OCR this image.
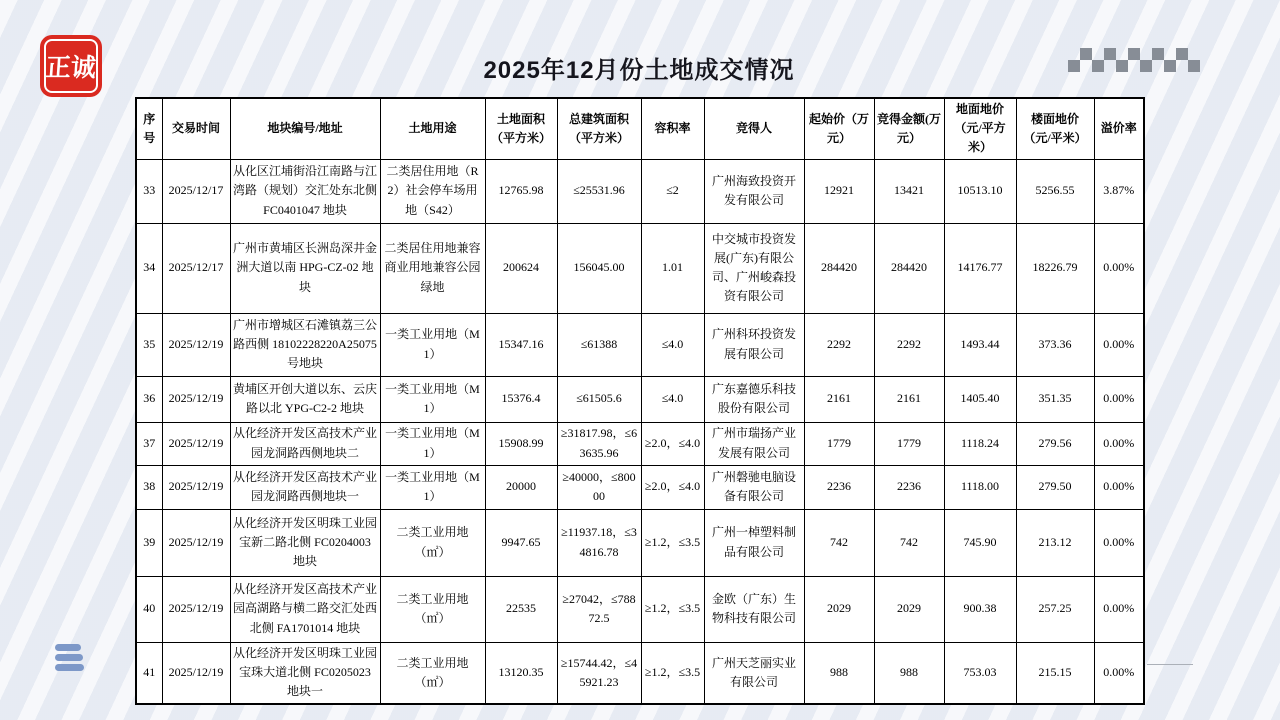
正诚	2025年12月份土地成交情况
序号	交易时间	地块编号/地址	土地用途	土地面积（平方米）	总建筑面积（平方米）	容积率	竞得人	起始价（万元）	竞得金额(万元）	地面地价（元/平方米）	楼面地价（元/平米）	溢价率
33	2025/12/17	从化区江埔街沿江南路与江湾路（规划）交汇处东北侧FC0401047 地块	二类居住用地（R2）社会停车场用地（S42）	12765.98	≤25531.96	≤2	广州海致投资开发有限公司	12921	13421	10513.10	5256.55	3.87%
34	2025/12/17	广州市黄埔区长洲岛深井金洲大道以南 HPG-CZ-02 地块	二类居住用地兼容商业用地兼容公园绿地	200624	156045.00	1.01	中交城市投资发展(广东)有限公司、广州峻森投资有限公司	284420	284420	14176.77	18226.79	0.00%
35	2025/12/19	广州市增城区石滩镇荔三公路西侧 18102228220A25075 号地块	一类工业用地（M1）	15347.16	≤61388	≤4.0	广州科环投资发展有限公司	2292	2292	1493.44	373.36	0.00%
36	2025/12/19	黄埔区开创大道以东、云庆路以北 YPG-C2-2 地块	一类工业用地（M1）	15376.4	≤61505.6	≤4.0	广东嘉德乐科技股份有限公司	2161	2161	1405.40	351.35	0.00%
37	2025/12/19	从化经济开发区高技术产业园龙洞路西侧地块二	一类工业用地（M1）	15908.99	≥31817.98，≤63635.96	≥2.0，≤4.0	广州市瑞扬产业发展有限公司	1779	1779	1118.24	279.56	0.00%
38	2025/12/19	从化经济开发区高技术产业园龙洞路西侧地块一	一类工业用地（M1）	20000	≥40000，≤80000	≥2.0，≤4.0	广州磐驰电脑设备有限公司	2236	2236	1118.00	279.50	0.00%
39	2025/12/19	从化经济开发区明珠工业园宝新二路北侧 FC0204003 地块	二类工业用地（㎡）	9947.65	≥11937.18，≤34816.78	≥1.2，≤3.5	广州一棹塑料制品有限公司	742	742	745.90	213.12	0.00%
40	2025/12/19	从化经济开发区高技术产业园高湖路与横二路交汇处西北侧 FA1701014 地块	二类工业用地（㎡）	22535	≥27042，≤78872.5	≥1.2，≤3.5	金欧（广东）生物科技有限公司	2029	2029	900.38	257.25	0.00%
41	2025/12/19	从化经济开发区明珠工业园宝珠大道北侧 FC0205023 地块一	二类工业用地（㎡）	13120.35	≥15744.42，≤45921.23	≥1.2，≤3.5	广州天芝丽实业有限公司	988	988	753.03	215.15	0.00%
